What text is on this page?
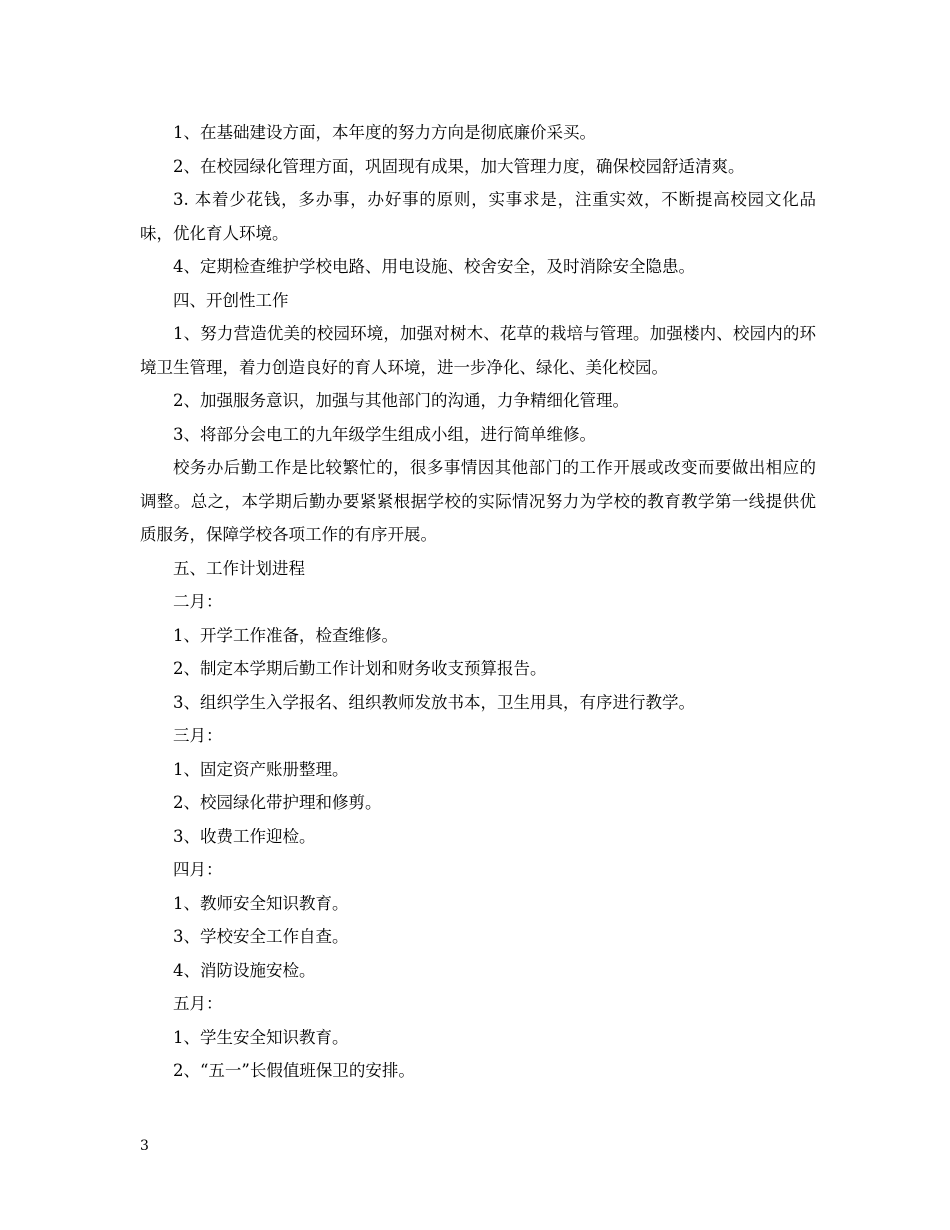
1、在基础建设方面，本年度的努力方向是彻底廉价采买。

2、在校园绿化管理方面，巩固现有成果，加大管理力度，确保校园舒适清爽。

3. 本着少花钱，多办事，办好事的原则，实事求是，注重实效，不断提高校园文化品味，优化育人环境。

4、定期检查维护学校电路、用电设施、校舍安全，及时消除安全隐患。

四、开创性工作

1、努力营造优美的校园环境，加强对树木、花草的栽培与管理。加强楼内、校园内的环境卫生管理，着力创造良好的育人环境，进一步净化、绿化、美化校园。

2、加强服务意识，加强与其他部门的沟通，力争精细化管理。

3、将部分会电工的九年级学生组成小组，进行简单维修。

校务办后勤工作是比较繁忙的，很多事情因其他部门的工作开展或改变而要做出相应的调整。总之，本学期后勤办要紧紧根据学校的实际情况努力为学校的教育教学第一线提供优质服务，保障学校各项工作的有序开展。

五、工作计划进程

二月：

1、开学工作准备，检查维修。

2、制定本学期后勤工作计划和财务收支预算报告。

3、组织学生入学报名、组织教师发放书本，卫生用具，有序进行教学。

三月：

1、固定资产账册整理。

2、校园绿化带护理和修剪。

3、收费工作迎检。

四月：

1、教师安全知识教育。

3、学校安全工作自查。

4、消防设施安检。

五月：

1、学生安全知识教育。

2、“五一”长假值班保卫的安排。

3
